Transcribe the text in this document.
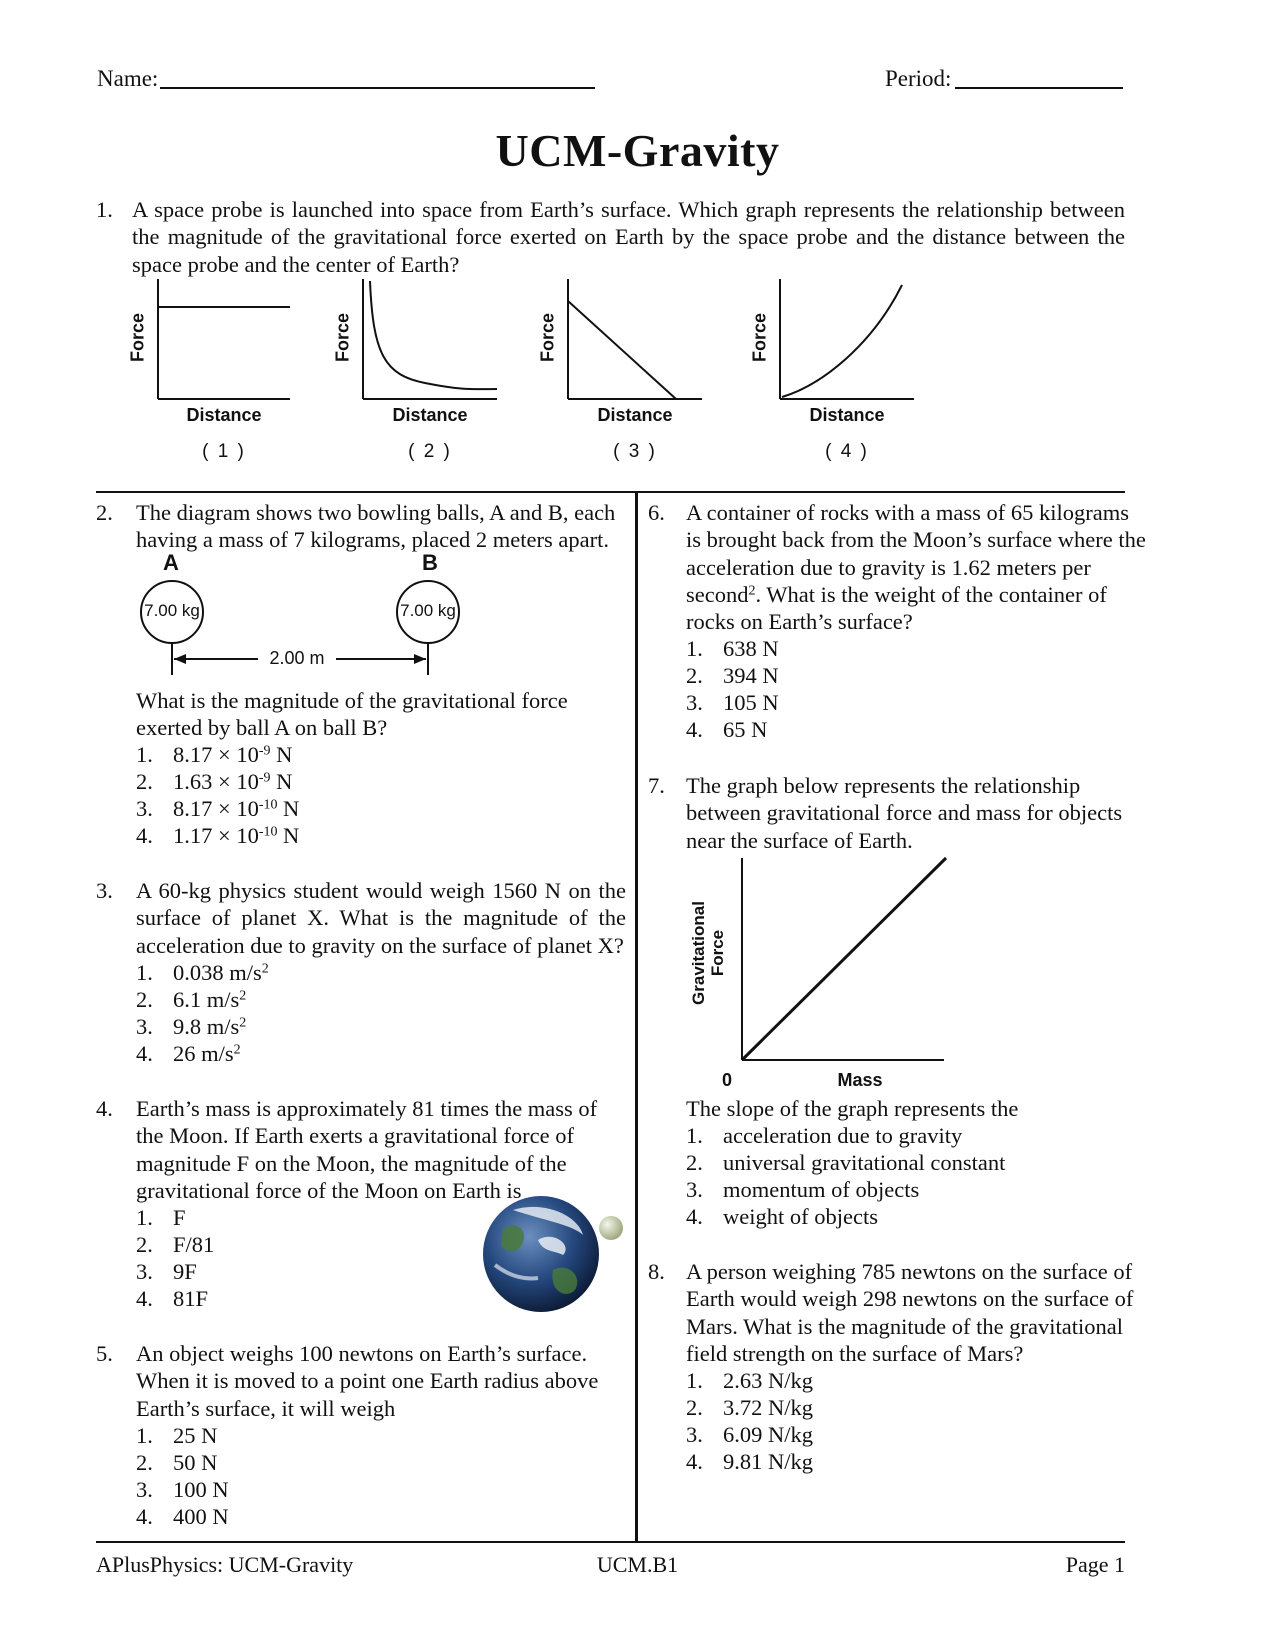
Name:	Period:
UCM-Gravity
1. A space probe is launched into space from Earth’s surface. Which graph represents the relationship between the magnitude of the gravitational force exerted on Earth by the space probe and the distance between the space probe and the center of Earth?
Force
Distance
( 1 )
Force
Distance
( 2 )
Force
Distance
( 3 )
Force
Distance
( 4 )
2. The diagram shows two bowling balls, A and B, each having a mass of 7 kilograms, placed 2 meters apart.
A	B
7.00 kg	7.00 kg
2.00 m
What is the magnitude of the gravitational force exerted by ball A on ball B?
1. $8.17 \times 10^{-9}$ N
2. $1.63 \times 10^{-9}$ N
3. $8.17 \times 10^{-10}$ N
4. $1.17 \times 10^{-10}$ N
3. A 60-kg physics student would weigh 1560 N on the surface of planet X. What is the magnitude of the acceleration due to gravity on the surface of planet X?
1. 0.038 $m/s^2$
2. 6.1 $m/s^2$
3. 9.8 $m/s^2$
4. 26 $m/s^2$
4. Earth’s mass is approximately 81 times the mass of the Moon. If Earth exerts a gravitational force of magnitude F on the Moon, the magnitude of the gravitational force of the Moon on Earth is
1. F
2. F/81
3. 9F
4. 81F
5. An object weighs 100 newtons on Earth’s surface. When it is moved to a point one Earth radius above Earth’s surface, it will weigh
1. 25 N
2. 50 N
3. 100 N
4. 400 N
6. A container of rocks with a mass of 65 kilograms is brought back from the Moon’s surface where the acceleration due to gravity is 1.62 meters per second$^2$. What is the weight of the container of rocks on Earth’s surface?
1. 638 N
2. 394 N
3. 105 N
4. 65 N
7. The graph below represents the relationship between gravitational force and mass for objects near the surface of Earth.
Gravitational Force
0	Mass
The slope of the graph represents the
1. acceleration due to gravity
2. universal gravitational constant
3. momentum of objects
4. weight of objects
8. A person weighing 785 newtons on the surface of Earth would weigh 298 newtons on the surface of Mars. What is the magnitude of the gravitational field strength on the surface of Mars?
1. 2.63 N/kg
2. 3.72 N/kg
3. 6.09 N/kg
4. 9.81 N/kg
APlusPhysics: UCM-Gravity	UCM.B1	Page 1
